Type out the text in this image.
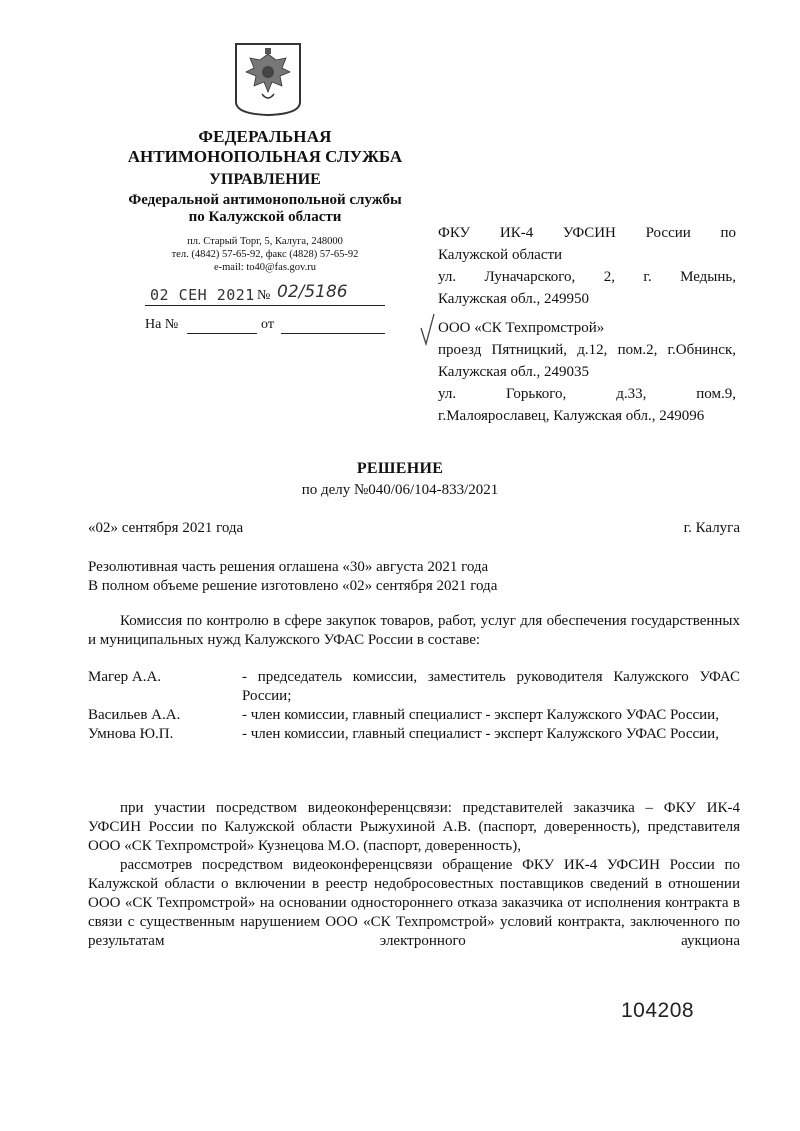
ФЕДЕРАЛЬНАЯ
АНТИМОНОПОЛЬНАЯ СЛУЖБА
УПРАВЛЕНИЕ
Федеральной антимонопольной службы
по Калужской области
пл. Старый Торг, 5, Калуга, 248000
тел. (4842) 57-65-92, факс (4828) 57-65-92
e-mail: to40@fas.gov.ru
02 СЕН 2021 № 02/5186
На №	от

ФКУ ИК-4 УФСИН России по

Калужской области

ул. Луначарского, 2, г. Медынь,

Калужская обл., 249950

ООО «СК Техпромстрой»

проезд Пятницкий, д.12, пом.2, г.Обнинск,

Калужская обл., 249035

ул. Горького, д.33, пом.9,

г.Малоярославец, Калужская обл., 249096

РЕШЕНИЕ
по делу №040/06/104-833/2021
«02» сентября 2021 года	г. Калуга
Резолютивная часть решения оглашена «30» августа 2021 года
В полном объеме решение изготовлено «02» сентября 2021 года

Комиссия по контролю в сфере закупок товаров, работ, услуг для обеспечения государственных и муниципальных нужд Калужского УФАС России в составе:

Магер А.А.	- председатель комиссии, заместитель руководителя Калужского УФАС России;
Васильев А.А.	- член комиссии, главный специалист - эксперт Калужского УФАС России,
Умнова Ю.П.	- член комиссии, главный специалист - эксперт Калужского УФАС России,

при участии посредством видеоконференцсвязи: представителей заказчика – ФКУ ИК-4 УФСИН России по Калужской области Рыжухиной А.В. (паспорт, доверенность), представителя ООО «СК Техпромстрой» Кузнецова М.О. (паспорт, доверенность),

рассмотрев посредством видеоконференцсвязи обращение ФКУ ИК-4 УФСИН России по Калужской области о включении в реестр недобросовестных поставщиков сведений в отношении ООО «СК Техпромстрой» на основании одностороннего отказа заказчика от исполнения контракта в связи с существенным нарушением ООО «СК Техпромстрой» условий контракта, заключенного по результатам электронного аукциона

104208
